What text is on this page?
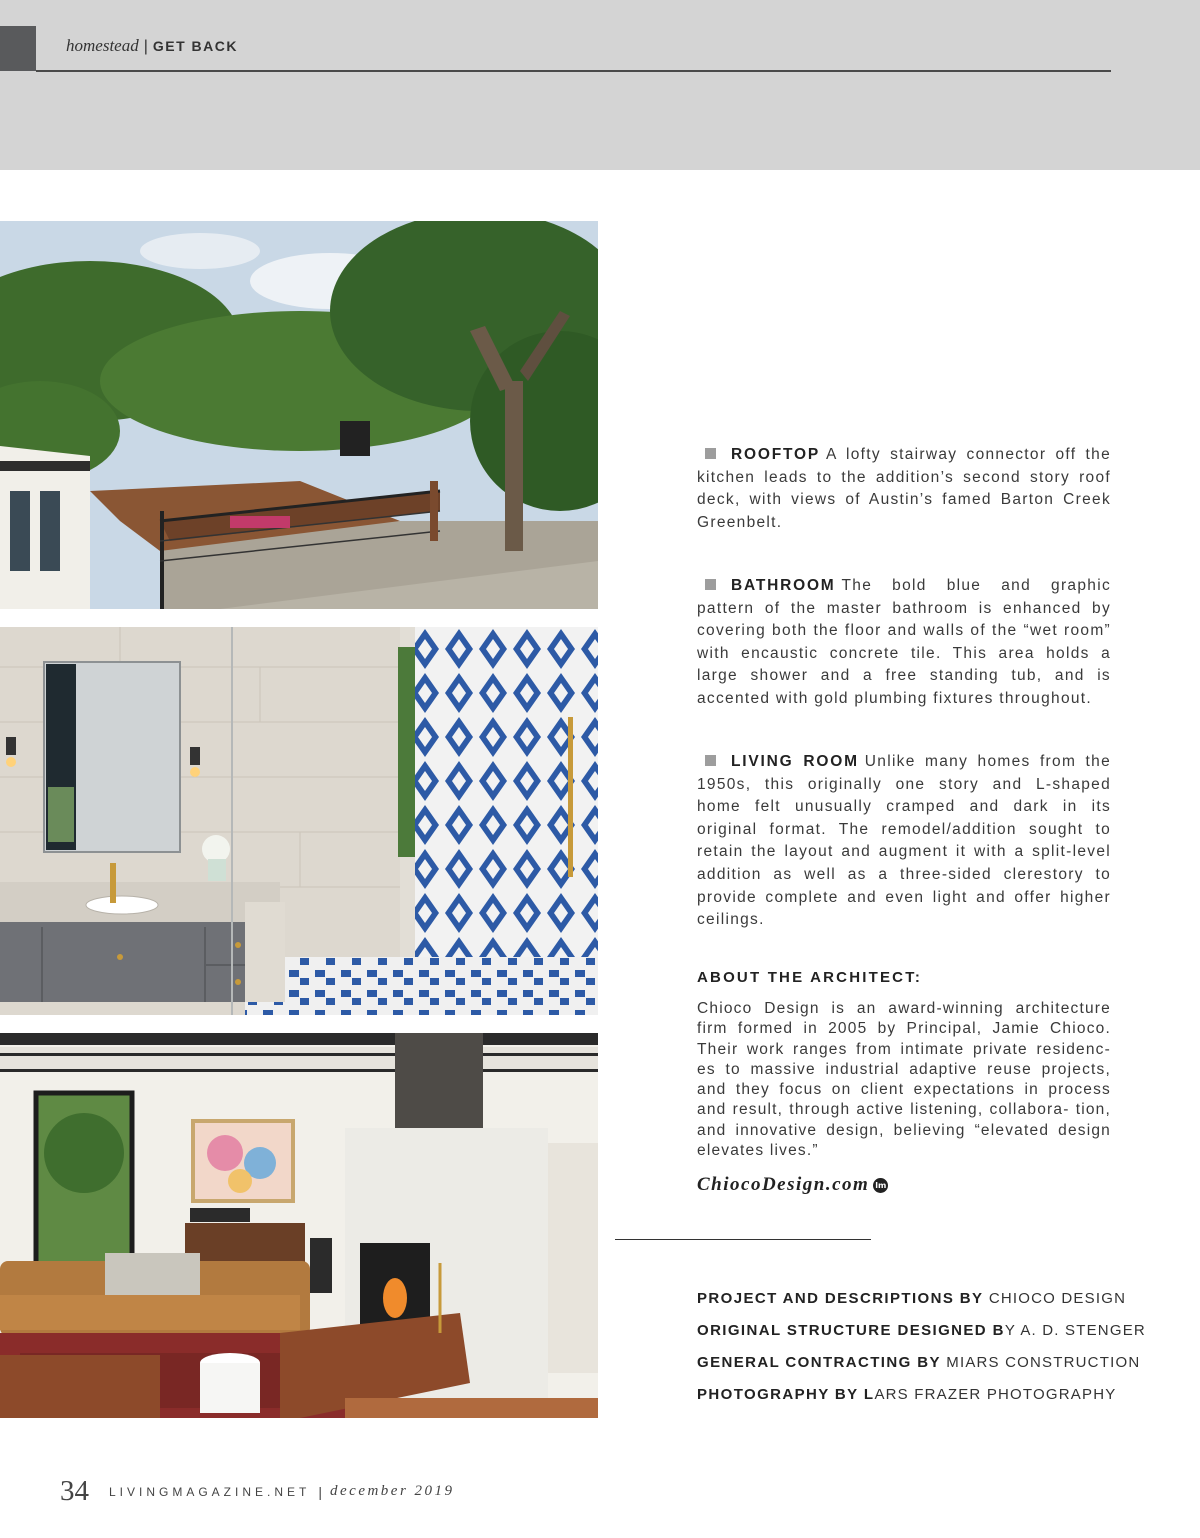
homestead | GET BACK
ROOFTOP A lofty stairway connector off the kitchen leads to the addition’s second story roof deck, with views of Austin’s famed Barton Creek Greenbelt.
BATHROOM The bold blue and graphic pattern of the master bathroom is enhanced by covering both the floor and walls of the “wet room” with encaustic concrete tile. This area holds a large shower and a free standing tub, and is accented with gold plumbing fixtures throughout.
LIVING ROOM Unlike many homes from the 1950s, this originally one story and L-shaped home felt unusually cramped and dark in its original format. The remodel/addition sought to retain the layout and augment it with a split-level addition as well as a three-sided clerestory to provide complete and even light and offer higher ceilings.
ABOUT THE ARCHITECT:
Chioco Design is an award-winning architecture firm formed in 2005 by Principal, Jamie Chioco. Their work ranges from intimate private residenc- es to massive industrial adaptive reuse projects, and they focus on client expectations in process and result, through active listening, collabora- tion, and innovative design, believing “elevated design elevates lives.”
ChiocoDesign.com lm
PROJECT AND DESCRIPTIONS BY CHIOCO DESIGN
ORIGINAL STRUCTURE DESIGNED BY A. D. STENGER
GENERAL CONTRACTING BY MIARS CONSTRUCTION
PHOTOGRAPHY BY LARS FRAZER PHOTOGRAPHY
34 LIVINGMAGAZINE.NET | december 2019
